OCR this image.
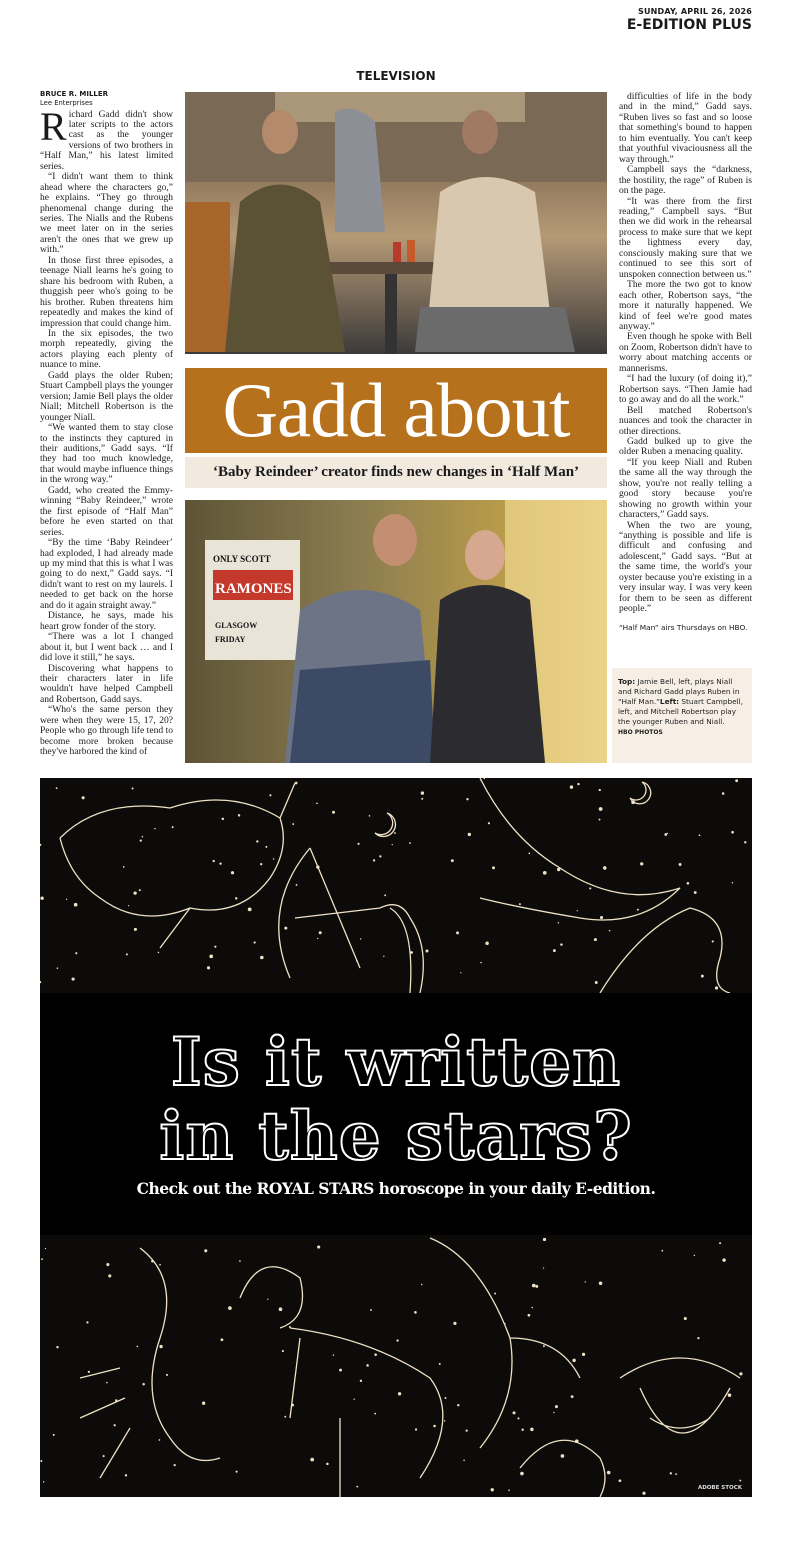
SUNDAY, APRIL 26, 2026
E-EDITION PLUS
TELEVISION

BRUCE R. MILLER

Lee Enterprises

Richard Gadd didn't show later scripts to the actors cast as the younger versions of two brothers in “Half Man,” his latest limited series.

“I didn't want them to think ahead where the characters go,” he explains. “They go through phenomenal change during the series. The Nialls and the Rubens we meet later on in the series aren't the ones that we grew up with.”

In those first three episodes, a teenage Niall learns he's going to share his bedroom with Ruben, a thuggish peer who's going to be his brother. Ruben threatens him repeatedly and makes the kind of impression that could change him.

In the six episodes, the two morph repeatedly, giving the actors playing each plenty of nuance to mine.

Gadd plays the older Ruben; Stuart Campbell plays the younger version; Jamie Bell plays the older Niall; Mitchell Robertson is the younger Niall.

“We wanted them to stay close to the instincts they captured in their auditions,” Gadd says. “If they had too much knowledge, that would maybe influence things in the wrong way.”

Gadd, who created the Emmy-winning “Baby Reindeer,” wrote the first episode of “Half Man” before he even started on that series.

“By the time ‘Baby Reindeer’ had exploded, I had already made up my mind that this is what I was going to do next,” Gadd says. “I didn't want to rest on my laurels. I needed to get back on the horse and do it again straight away.”

Distance, he says, made his heart grow fonder of the story.

“There was a lot I changed about it, but I went back … and I did love it still,” he says.

Discovering what happens to their characters later in life wouldn't have helped Campbell and Robertson, Gadd says.

“Who's the same person they were when they were 15, 17, 20? People who go through life tend to become more broken because they've harbored the kind of

Gadd about
‘Baby Reindeer’ creator finds new changes in ‘Half Man’
ONLY SCOTT
RAMONES
GLASGOW
FRIDAY

difficulties of life in the body and in the mind,” Gadd says. “Ruben lives so fast and so loose that something's bound to happen to him eventually. You can't keep that youthful vivaciousness all the way through.”

Campbell says the “darkness, the hostility, the rage” of Ruben is on the page.

“It was there from the first reading,” Campbell says. “But then we did work in the rehearsal process to make sure that we kept the lightness every day, consciously making sure that we continued to see this sort of unspoken connection between us.”

The more the two got to know each other, Robertson says, “the more it naturally happened. We kind of feel we're good mates anyway.”

Even though he spoke with Bell on Zoom, Robertson didn't have to worry about matching accents or mannerisms.

“I had the luxury (of doing it),” Robertson says. “Then Jamie had to go away and do all the work.”

Bell matched Robertson's nuances and took the character in other directions.

Gadd bulked up to give the older Ruben a menacing quality.

“If you keep Niall and Ruben the same all the way through the show, you're not really telling a good story because you're showing no growth within your characters,” Gadd says.

When the two are young, “anything is possible and life is difficult and confusing and adolescent,” Gadd says. “But at the same time, the world's your oyster because you're existing in a very insular way. I was very keen for them to be seen as different people.”

“Half Man” airs Thursdays on HBO.

Top: Jamie Bell, left, plays Niall and Richard Gadd plays Ruben in “Half Man.”Left: Stuart Campbell, left, and Mitchell Robertson play the younger Ruben and Niall.
HBO PHOTOS
Is it written
in the stars?
Check out the ROYAL STARS horoscope in your daily E-edition.
ADOBE STOCK
